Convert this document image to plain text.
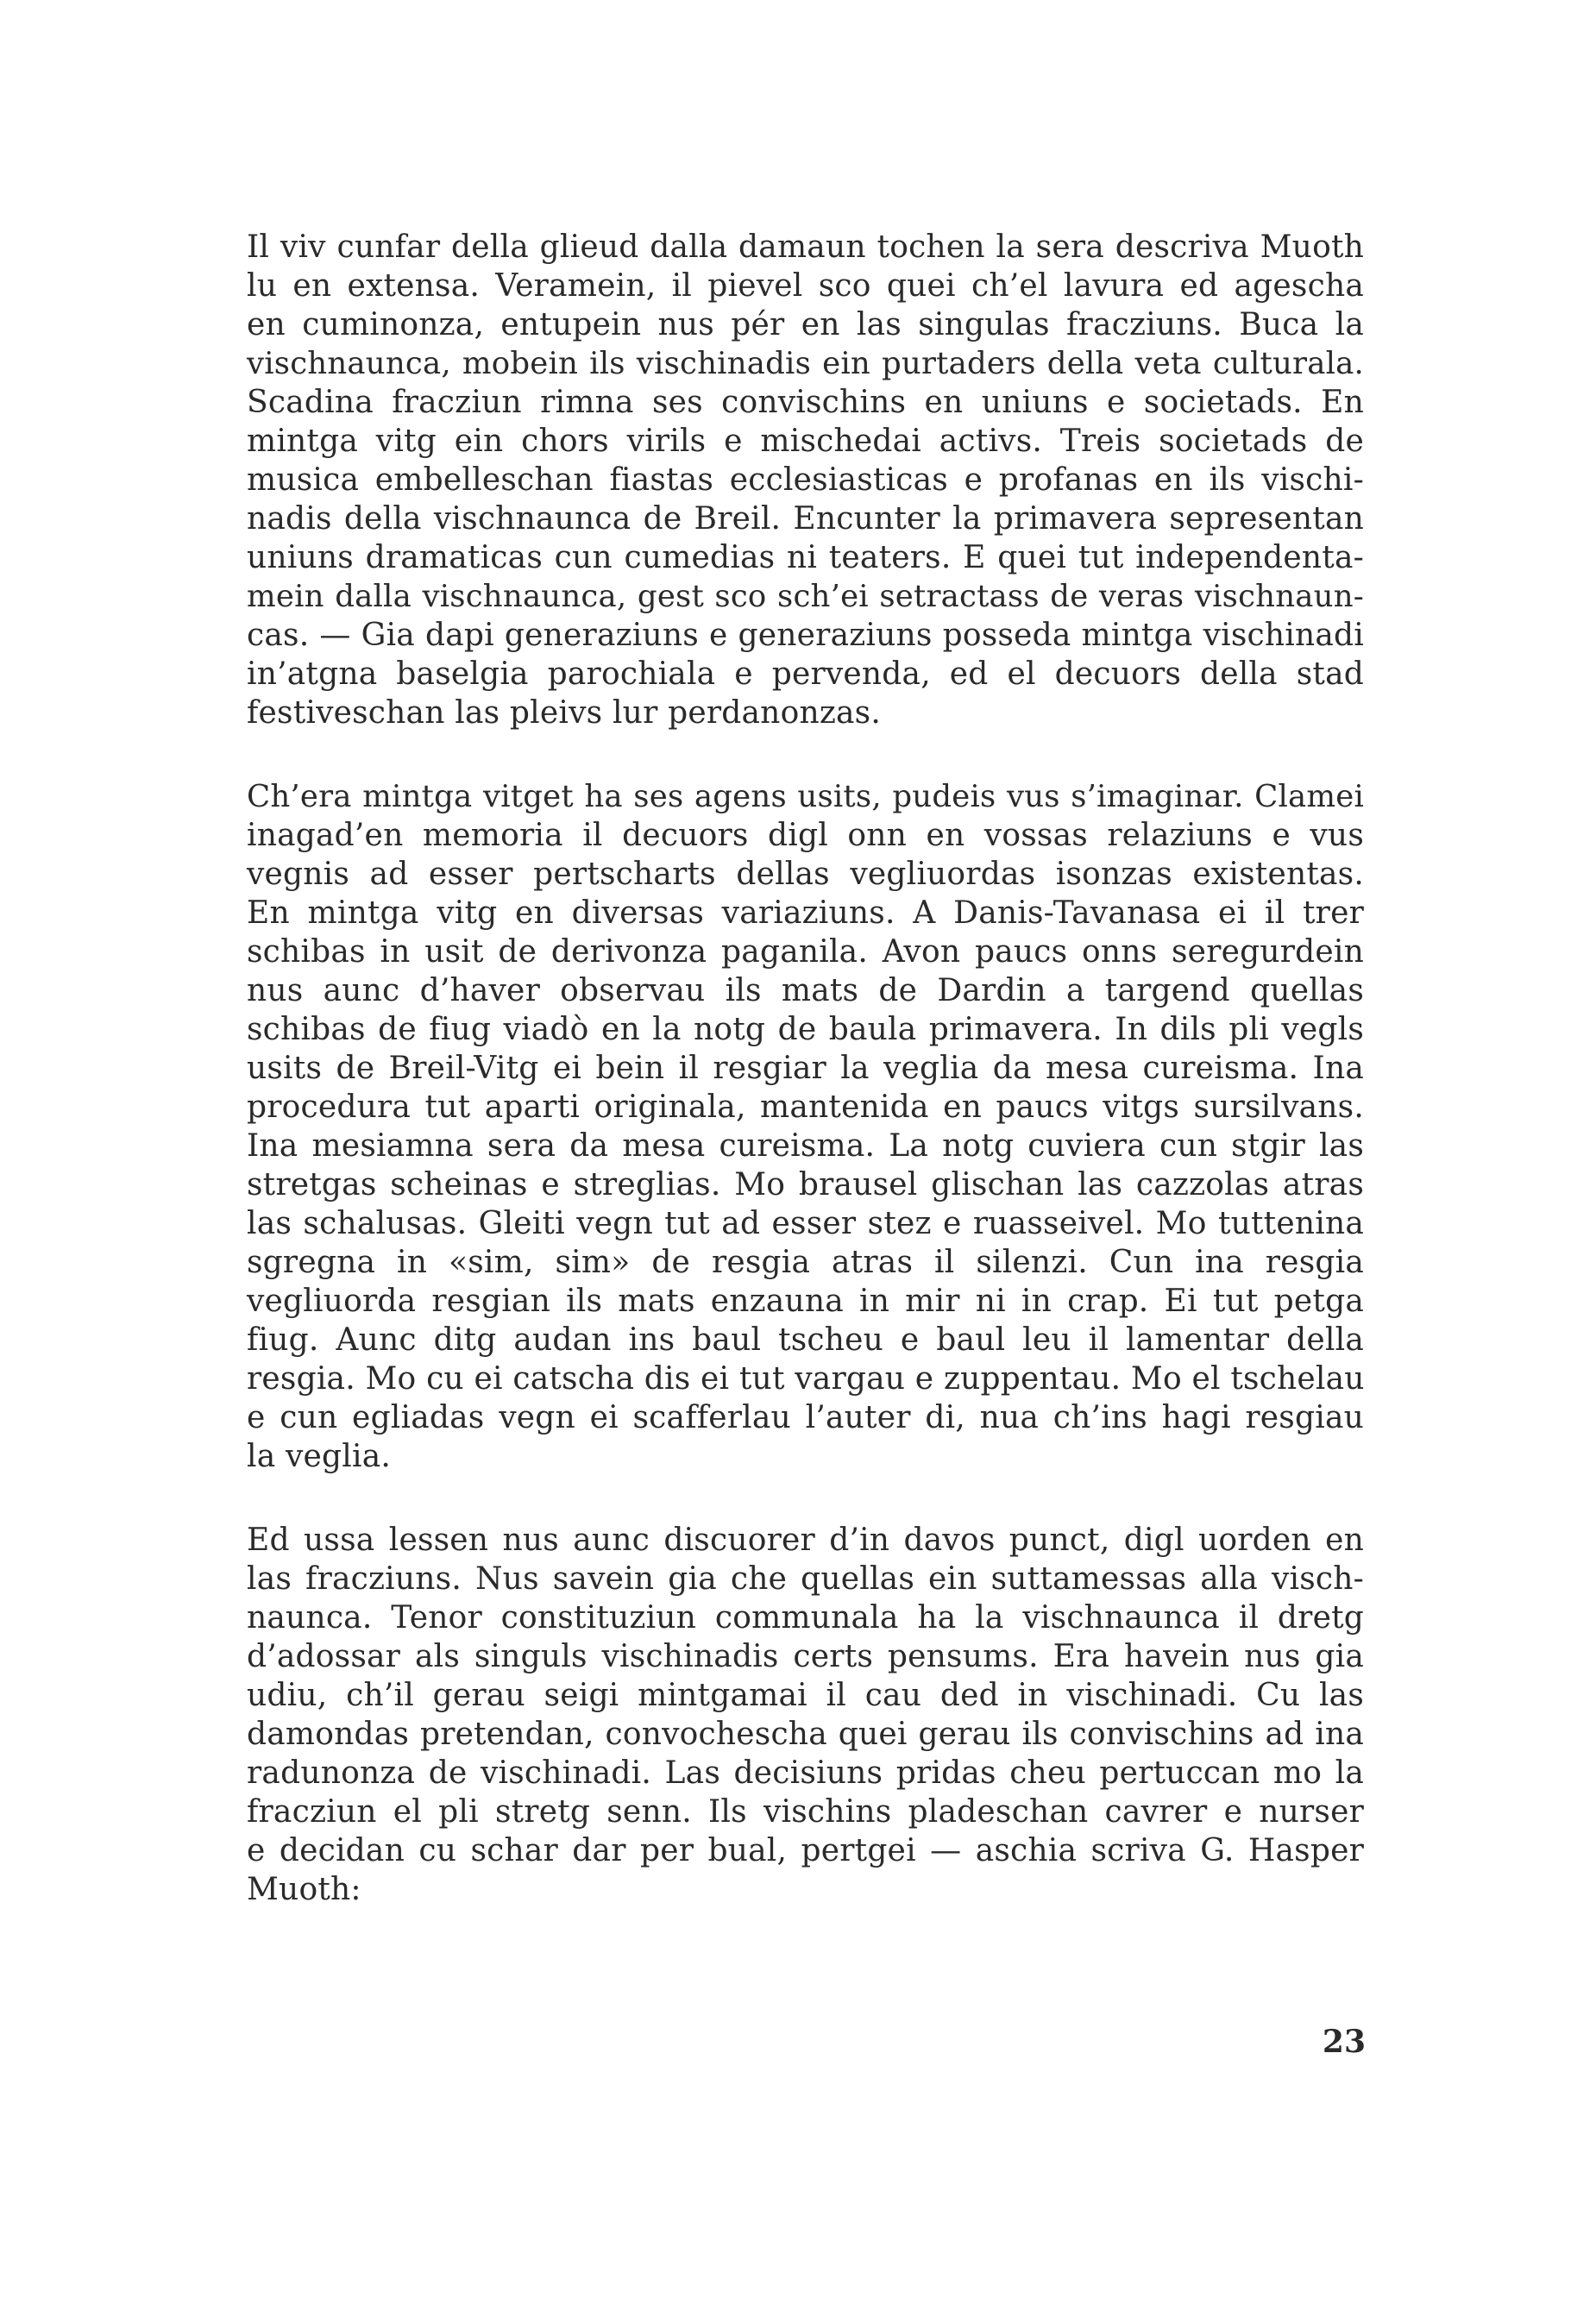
Il viv cunfar della glieud dalla damaun tochen la sera descriva Muoth
lu en extensa. Veramein, il pievel sco quei ch’el lavura ed agescha
en cuminonza, entupein nus pér en las singulas fracziuns. Buca la
vischnaunca, mobein ils vischinadis ein purtaders della veta culturala.
Scadina fracziun rimna ses convischins en uniuns e societads. En
mintga vitg ein chors virils e mischedai activs. Treis societads de
musica embelleschan fiastas ecclesiasticas e profanas en ils vischi-
nadis della vischnaunca de Breil. Encunter la primavera sepresentan
uniuns dramaticas cun cumedias ni teaters. E quei tut independenta-
mein dalla vischnaunca, gest sco sch’ei setractass de veras vischnaun-
cas. — Gia dapi generaziuns e generaziuns posseda mintga vischinadi
in’atgna baselgia parochiala e pervenda, ed el decuors della stad
festiveschan las pleivs lur perdanonzas.
Ch’era mintga vitget ha ses agens usits, pudeis vus s’imaginar. Clamei
inagad’en memoria il decuors digl onn en vossas relaziuns e vus
vegnis ad esser pertscharts dellas vegliuordas isonzas existentas.
En mintga vitg en diversas variaziuns. A Danis-Tavanasa ei il trer
schibas in usit de derivonza paganila. Avon paucs onns seregurdein
nus aunc d’haver observau ils mats de Dardin a targend quellas
schibas de fiug viadò en la notg de baula primavera. In dils pli vegls
usits de Breil-Vitg ei bein il resgiar la veglia da mesa cureisma. Ina
procedura tut aparti originala, mantenida en paucs vitgs sursilvans.
Ina mesiamna sera da mesa cureisma. La notg cuviera cun stgir las
stretgas scheinas e streglias. Mo brausel glischan las cazzolas atras
las schalusas. Gleiti vegn tut ad esser stez e ruasseivel. Mo tuttenina
sgregna in «sim, sim» de resgia atras il silenzi. Cun ina resgia
vegliuorda resgian ils mats enzauna in mir ni in crap. Ei tut petga
fiug. Aunc ditg audan ins baul tscheu e baul leu il lamentar della
resgia. Mo cu ei catscha dis ei tut vargau e zuppentau. Mo el tschelau
e cun egliadas vegn ei scafferlau l’auter di, nua ch’ins hagi resgiau
la veglia.
Ed ussa lessen nus aunc discuorer d’in davos punct, digl uorden en
las fracziuns. Nus savein gia che quellas ein suttamessas alla visch-
naunca. Tenor constituziun communala ha la vischnaunca il dretg
d’adossar als singuls vischinadis certs pensums. Era havein nus gia
udiu, ch’il gerau seigi mintgamai il cau ded in vischinadi. Cu las
damondas pretendan, convochescha quei gerau ils convischins ad ina
radunonza de vischinadi. Las decisiuns pridas cheu pertuccan mo la
fracziun el pli stretg senn. Ils vischins pladeschan cavrer e nurser
e decidan cu schar dar per bual, pertgei — aschia scriva G. Hasper
Muoth:
23
